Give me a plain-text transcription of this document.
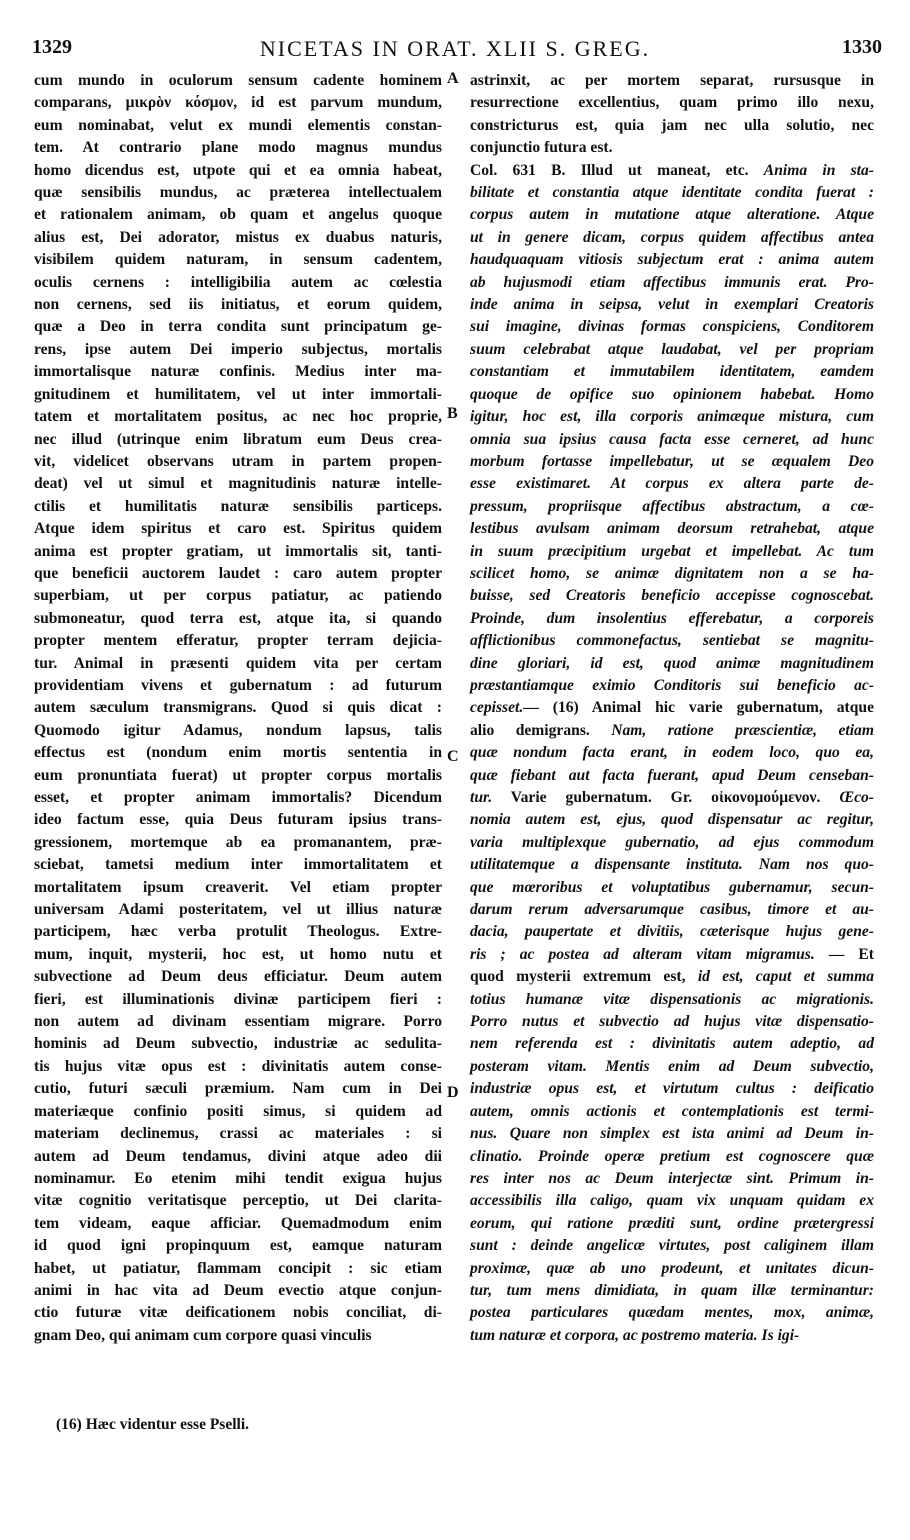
1329	NICETAS IN ORAT. XLII S. GREG.	1330
cum mundo in oculorum sensum cadente hominem
comparans, μικρὸν κόσμον, id est parvum mundum,
eum nominabat, velut ex mundi elementis constan-
tem. At contrario plane modo magnus mundus
homo dicendus est, utpote qui et ea omnia habeat,
quæ sensibilis mundus, ac præterea intellectualem
et rationalem animam, ob quam et angelus quoque
alius est, Dei adorator, mistus ex duabus naturis,
visibilem quidem naturam, in sensum cadentem,
oculis cernens : intelligibilia autem ac cœlestia
non cernens, sed iis initiatus, et eorum quidem,
quæ a Deo in terra condita sunt principatum ge-
rens, ipse autem Dei imperio subjectus, mortalis
immortalisque naturæ confinis. Medius inter ma-
gnitudinem et humilitatem, vel ut inter immortali-
tatem et mortalitatem positus, ac nec hoc proprie,
nec illud (utrinque enim libratum eum Deus crea-
vit, videlicet observans utram in partem propen-
deat) vel ut simul et magnitudinis naturæ intelle-
ctilis et humilitatis naturæ sensibilis particeps.
Atque idem spiritus et caro est. Spiritus quidem
anima est propter gratiam, ut immortalis sit, tanti-
que beneficii auctorem laudet : caro autem propter
superbiam, ut per corpus patiatur, ac patiendo
submoneatur, quod terra est, atque ita, si quando
propter mentem efferatur, propter terram dejicia-
tur. Animal in præsenti quidem vita per certam
providentiam vivens et gubernatum : ad futurum
autem sæculum transmigrans. Quod si quis dicat :
Quomodo igitur Adamus, nondum lapsus, talis
effectus est (nondum enim mortis sententia in
eum pronuntiata fuerat) ut propter corpus mortalis
esset, et propter animam immortalis? Dicendum
ideo factum esse, quia Deus futuram ipsius trans-
gressionem, mortemque ab ea promanantem, præ-
sciebat, tametsi medium inter immortalitatem et
mortalitatem ipsum creaverit. Vel etiam propter
universam Adami posteritatem, vel ut illius naturæ
participem, hæc verba protulit Theologus. Extre-
mum, inquit, mysterii, hoc est, ut homo nutu et
subvectione ad Deum deus efficiatur. Deum autem
fieri, est illuminationis divinæ participem fieri :
non autem ad divinam essentiam migrare. Porro
hominis ad Deum subvectio, industriæ ac sedulita-
tis hujus vitæ opus est : divinitatis autem conse-
cutio, futuri sæculi præmium. Nam cum in Dei
materiæque confinio positi simus, si quidem ad
materiam declinemus, crassi ac materiales : si
autem ad Deum tendamus, divini atque adeo dii
nominamur. Eo etenim mihi tendit exigua hujus
vitæ cognitio veritatisque perceptio, ut Dei clarita-
tem videam, eaque afficiar. Quemadmodum enim
id quod igni propinquum est, eamque naturam
habet, ut patiatur, flammam concipit : sic etiam
animi in hac vita ad Deum evectio atque conjun-
ctio futuræ vitæ deificationem nobis conciliat, di-
gnam Deo, qui animam cum corpore quasi vinculis
astrinxit, ac per mortem separat, rursusque in
resurrectione excellentius, quam primo illo nexu,
constricturus est, quia jam nec ulla solutio, nec
conjunctio futura est.
Col. 631 B. Illud ut maneat, etc. Anima in sta-
bilitate et constantia atque identitate condita fuerat :
corpus autem in mutatione atque alteratione. Atque
ut in genere dicam, corpus quidem affectibus antea
haudquaquam vitiosis subjectum erat : anima autem
ab hujusmodi etiam affectibus immunis erat. Pro-
inde anima in seipsa, velut in exemplari Creatoris
sui imagine, divinas formas conspiciens, Conditorem
suum celebrabat atque laudabat, vel per propriam
constantiam et immutabilem identitatem, eamdem
quoque de opifice suo opinionem habebat. Homo
igitur, hoc est, illa corporis animæque mistura, cum
omnia sua ipsius causa facta esse cerneret, ad hunc
morbum fortasse impellebatur, ut se æqualem Deo
esse existimaret. At corpus ex altera parte de-
pressum, propriisque affectibus abstractum, a cœ-
lestibus avulsam animam deorsum retrahebat, atque
in suum præcipitium urgebat et impellebat. Ac tum
scilicet homo, se animæ dignitatem non a se ha-
buisse, sed Creatoris beneficio accepisse cognoscebat.
Proinde, dum insolentius efferebatur, a corporeis
afflictionibus commonefactus, sentiebat se magnitu-
dine gloriari, id est, quod animæ magnitudinem
præstantiamque eximio Conditoris sui beneficio ac-
cepisset.— (16) Animal hic varie gubernatum, atque
alio demigrans. Nam, ratione præscientiæ, etiam
quæ nondum facta erant, in eodem loco, quo ea,
quæ fiebant aut facta fuerant, apud Deum censeban-
tur. Varie gubernatum. Gr. οἰκονομούμενον. Œco-
nomia autem est, ejus, quod dispensatur ac regitur,
varia multiplexque gubernatio, ad ejus commodum
utilitatemque a dispensante instituta. Nam nos quo-
que mœroribus et voluptatibus gubernamur, secun-
darum rerum adversarumque casibus, timore et au-
dacia, paupertate et divitiis, cæterisque hujus gene-
ris ; ac postea ad alteram vitam migramus. — Et
quod mysterii extremum est, id est, caput et summa
totius humanæ vitæ dispensationis ac migrationis.
Porro nutus et subvectio ad hujus vitæ dispensatio-
nem referenda est : divinitatis autem adeptio, ad
posteram vitam. Mentis enim ad Deum subvectio,
industriæ opus est, et virtutum cultus : deificatio
autem, omnis actionis et contemplationis est termi-
nus. Quare non simplex est ista animi ad Deum in-
clinatio. Proinde operæ pretium est cognoscere quæ
res inter nos ac Deum interjectæ sint. Primum in-
accessibilis illa caligo, quam vix unquam quidam ex
eorum, qui ratione præditi sunt, ordine prætergressi
sunt : deinde angelicæ virtutes, post caliginem illam
proximæ, quæ ab uno prodeunt, et unitates dicun-
tur, tum mens dimidiata, in quam illæ terminantur:
postea particulares quædam mentes, mox, animæ,
tum naturæ et corpora, ac postremo materia. Is igi-
A
B
C
D
(16) Hæc videntur esse Pselli.
